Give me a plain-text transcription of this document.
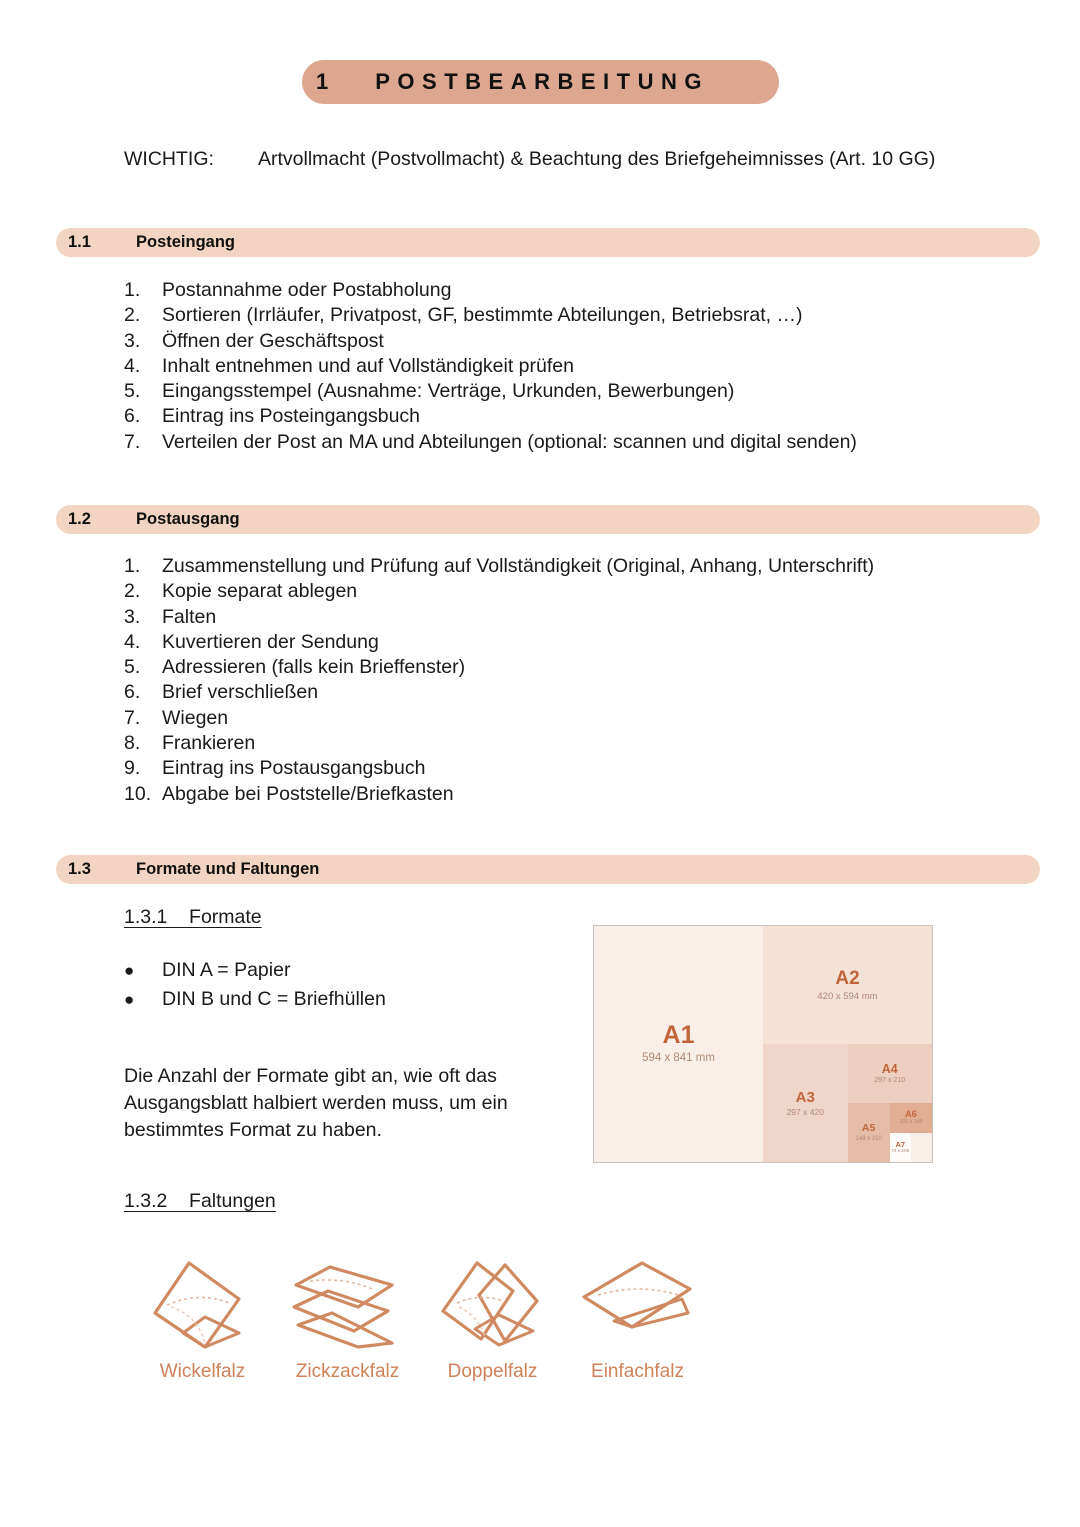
1 POSTBEARBEITUNG
WICHTIG: Artvollmacht (Postvollmacht) & Beachtung des Briefgeheimnisses (Art. 10 GG)
1.1	Posteingang
1.	Postannahme oder Postabholung
2.	Sortieren (Irrläufer, Privatpost, GF, bestimmte Abteilungen, Betriebsrat, …)
3.	Öffnen der Geschäftspost
4.	Inhalt entnehmen und auf Vollständigkeit prüfen
5.	Eingangsstempel (Ausnahme: Verträge, Urkunden, Bewerbungen)
6.	Eintrag ins Posteingangsbuch
7.	Verteilen der Post an MA und Abteilungen (optional: scannen und digital senden)
1.2	Postausgang
1.	Zusammenstellung und Prüfung auf Vollständigkeit (Original, Anhang, Unterschrift)
2.	Kopie separat ablegen
3.	Falten
4.	Kuvertieren der Sendung
5.	Adressieren (falls kein Brieffenster)
6.	Brief verschließen
7.	Wiegen
8.	Frankieren
9.	Eintrag ins Postausgangsbuch
10. Abgabe bei Poststelle/Briefkasten
1.3	Formate und Faltungen
1.3.1    Formate
●	DIN A = Papier
●	DIN B und C = Briefhüllen
Die Anzahl der Formate gibt an, wie oft das Ausgangsblatt halbiert werden muss, um ein bestimmtes Format zu haben.
A1
594 x 841 mm
A2
420 x 594 mm
A3
297 x 420
A4
297 x 210
A5
148 x 210
A6
105 x 148
A7
74 x 105
1.3.2    Faltungen
Wickelfalz	Zickzackfalz	Doppelfalz	Einfachfalz
